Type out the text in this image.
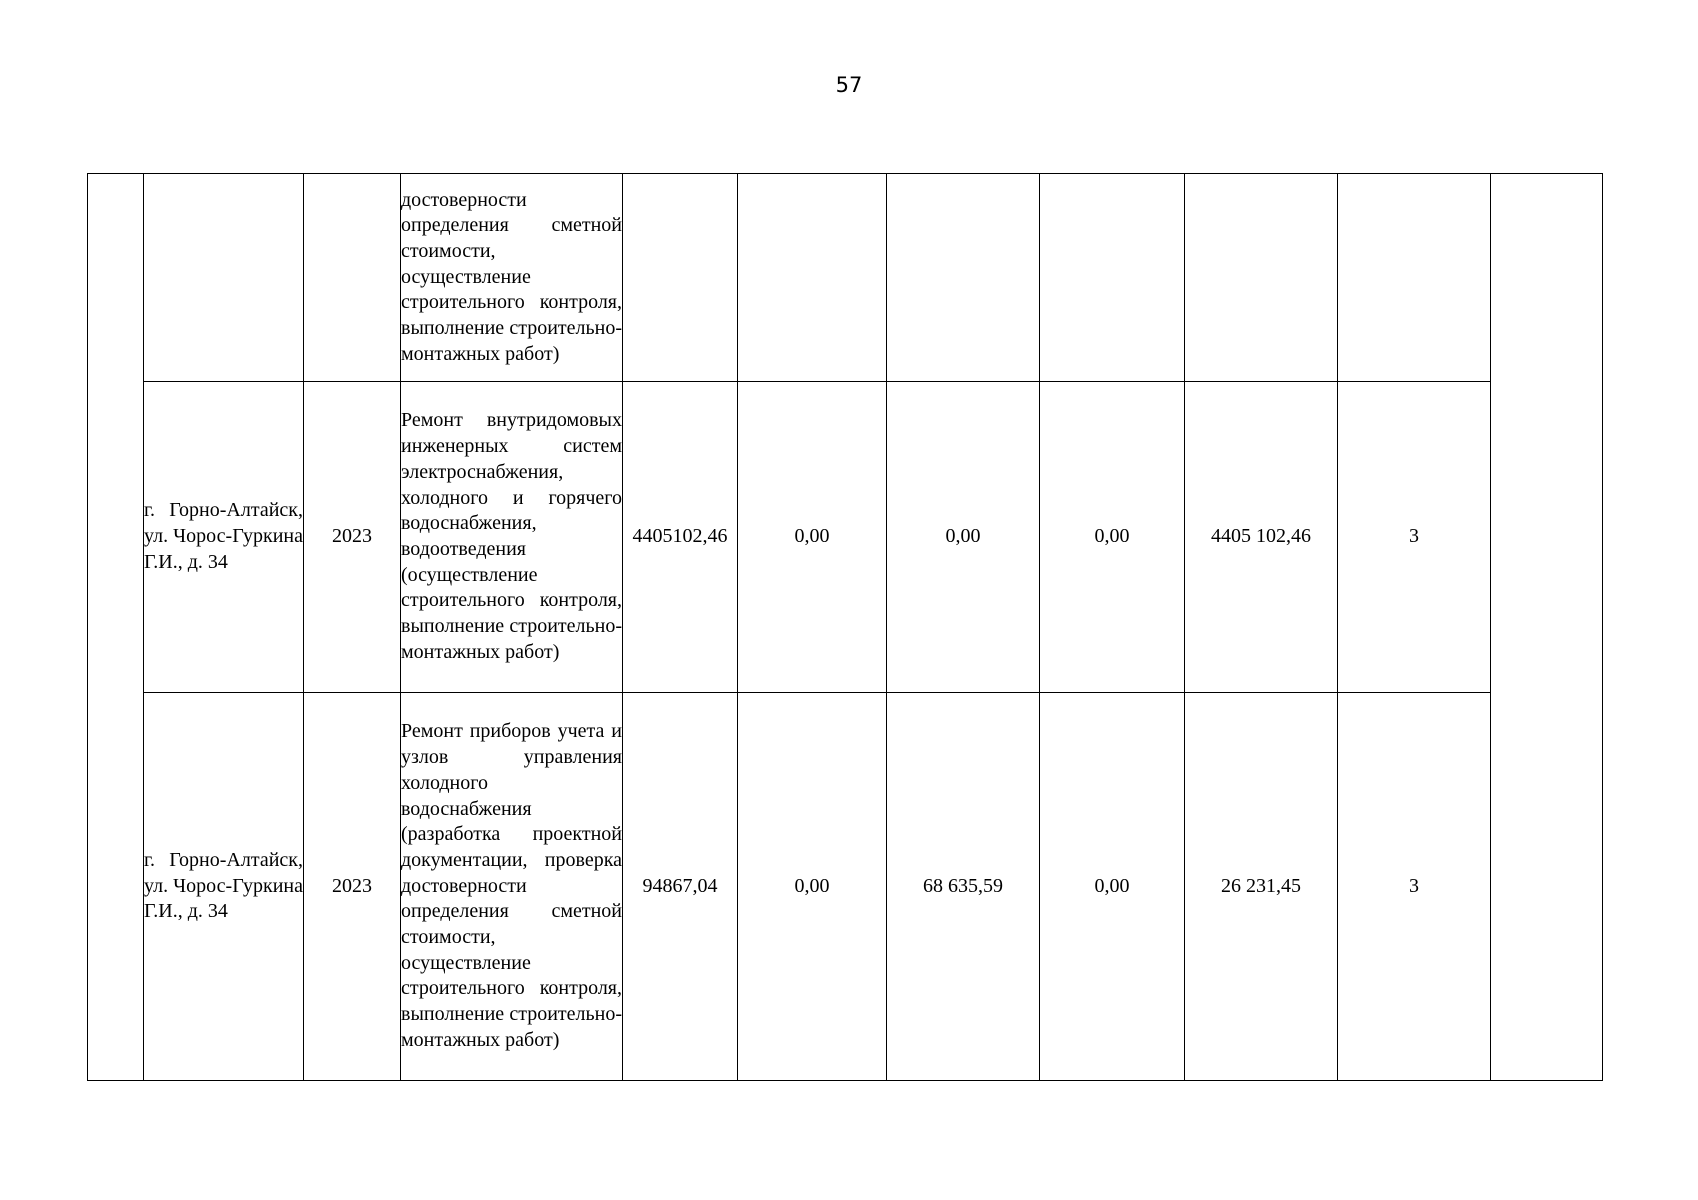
57
			достоверности определения сметной стоимости, осуществление строительного контроля, выполнение строительно-монтажных работ)							
	г. Горно-Алтайск, ул. Чорос-Гуркина Г.И., д. 34	2023	Ремонт внутридомовых инженерных систем электроснабжения, холодного и горячего водоснабжения, водоотведения (осуществление строительного контроля, выполнение строительно-монтажных работ)	4405102,46	0,00	0,00	0,00	4405 102,46	3	
	г. Горно-Алтайск, ул. Чорос-Гуркина Г.И., д. 34	2023	Ремонт приборов учета и узлов управления холодного водоснабжения (разработка проектной документации, проверка достоверности определения сметной стоимости, осуществление строительного контроля, выполнение строительно-монтажных работ)	94867,04	0,00	68 635,59	0,00	26 231,45	3	
